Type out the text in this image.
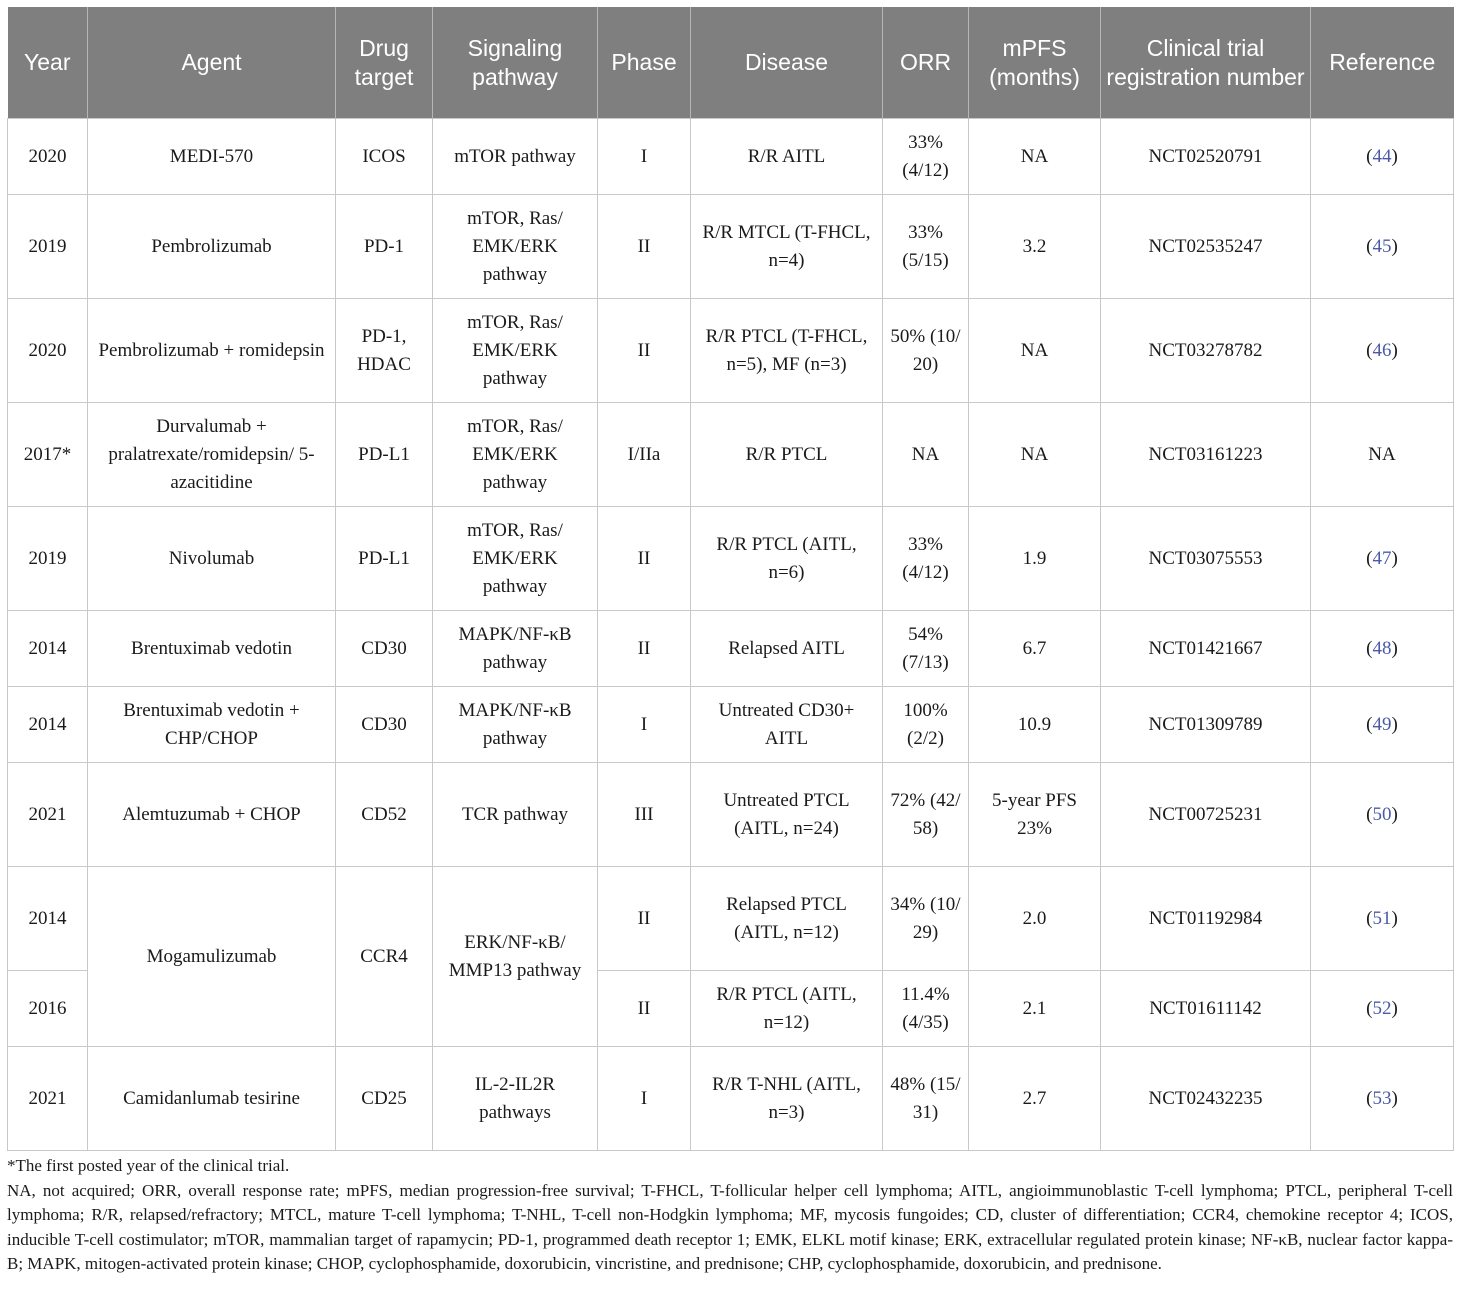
Year	Agent	Drug target	Signaling pathway	Phase	Disease	ORR	mPFS (months)	Clinical trial registration number	Reference
2020	MEDI-570	ICOS	mTOR pathway	I	R/R AITL	33% (4/12)	NA	NCT02520791	(44)
2019	Pembrolizumab	PD-1	mTOR, Ras/ EMK/ERK pathway	II	R/R MTCL (T-FHCL, n=4)	33% (5/15)	3.2	NCT02535247	(45)
2020	Pembrolizumab + romidepsin	PD-1, HDAC	mTOR, Ras/ EMK/ERK pathway	II	R/R PTCL (T-FHCL, n=5), MF (n=3)	50% (10/ 20)	NA	NCT03278782	(46)
2017*	Durvalumab + pralatrexate/romidepsin/ 5-azacitidine	PD-L1	mTOR, Ras/ EMK/ERK pathway	I/IIa	R/R PTCL	NA	NA	NCT03161223	NA
2019	Nivolumab	PD-L1	mTOR, Ras/ EMK/ERK pathway	II	R/R PTCL (AITL, n=6)	33% (4/12)	1.9	NCT03075553	(47)
2014	Brentuximab vedotin	CD30	MAPK/NF-κB pathway	II	Relapsed AITL	54% (7/13)	6.7	NCT01421667	(48)
2014	Brentuximab vedotin + CHP/CHOP	CD30	MAPK/NF-κB pathway	I	Untreated CD30+ AITL	100% (2/2)	10.9	NCT01309789	(49)
2021	Alemtuzumab + CHOP	CD52	TCR pathway	III	Untreated PTCL (AITL, n=24)	72% (42/ 58)	5-year PFS 23%	NCT00725231	(50)
2014	Mogamulizumab	CCR4	ERK/NF-κB/ MMP13 pathway	II	Relapsed PTCL (AITL, n=12)	34% (10/ 29)	2.0	NCT01192984	(51)
2016				II	R/R PTCL (AITL, n=12)	11.4% (4/35)	2.1	NCT01611142	(52)
2021	Camidanlumab tesirine	CD25	IL-2-IL2R pathways	I	R/R T-NHL (AITL, n=3)	48% (15/ 31)	2.7	NCT02432235	(53)

*The first posted year of the clinical trial.

NA, not acquired; ORR, overall response rate; mPFS, median progression-free survival; T-FHCL, T-follicular helper cell lymphoma; AITL, angioimmunoblastic T-cell lymphoma; PTCL, peripheral T-cell lymphoma; R/R, relapsed/refractory; MTCL, mature T-cell lymphoma; T-NHL, T-cell non-Hodgkin lymphoma; MF, mycosis fungoides; CD, cluster of differentiation; CCR4, chemokine receptor 4; ICOS, inducible T-cell costimulator; mTOR, mammalian target of rapamycin; PD-1, programmed death receptor 1; EMK, ELKL motif kinase; ERK, extracellular regulated protein kinase; NF-κB, nuclear factor kappa-B; MAPK, mitogen-activated protein kinase; CHOP, cyclophosphamide, doxorubicin, vincristine, and prednisone; CHP, cyclophosphamide, doxorubicin, and prednisone.
